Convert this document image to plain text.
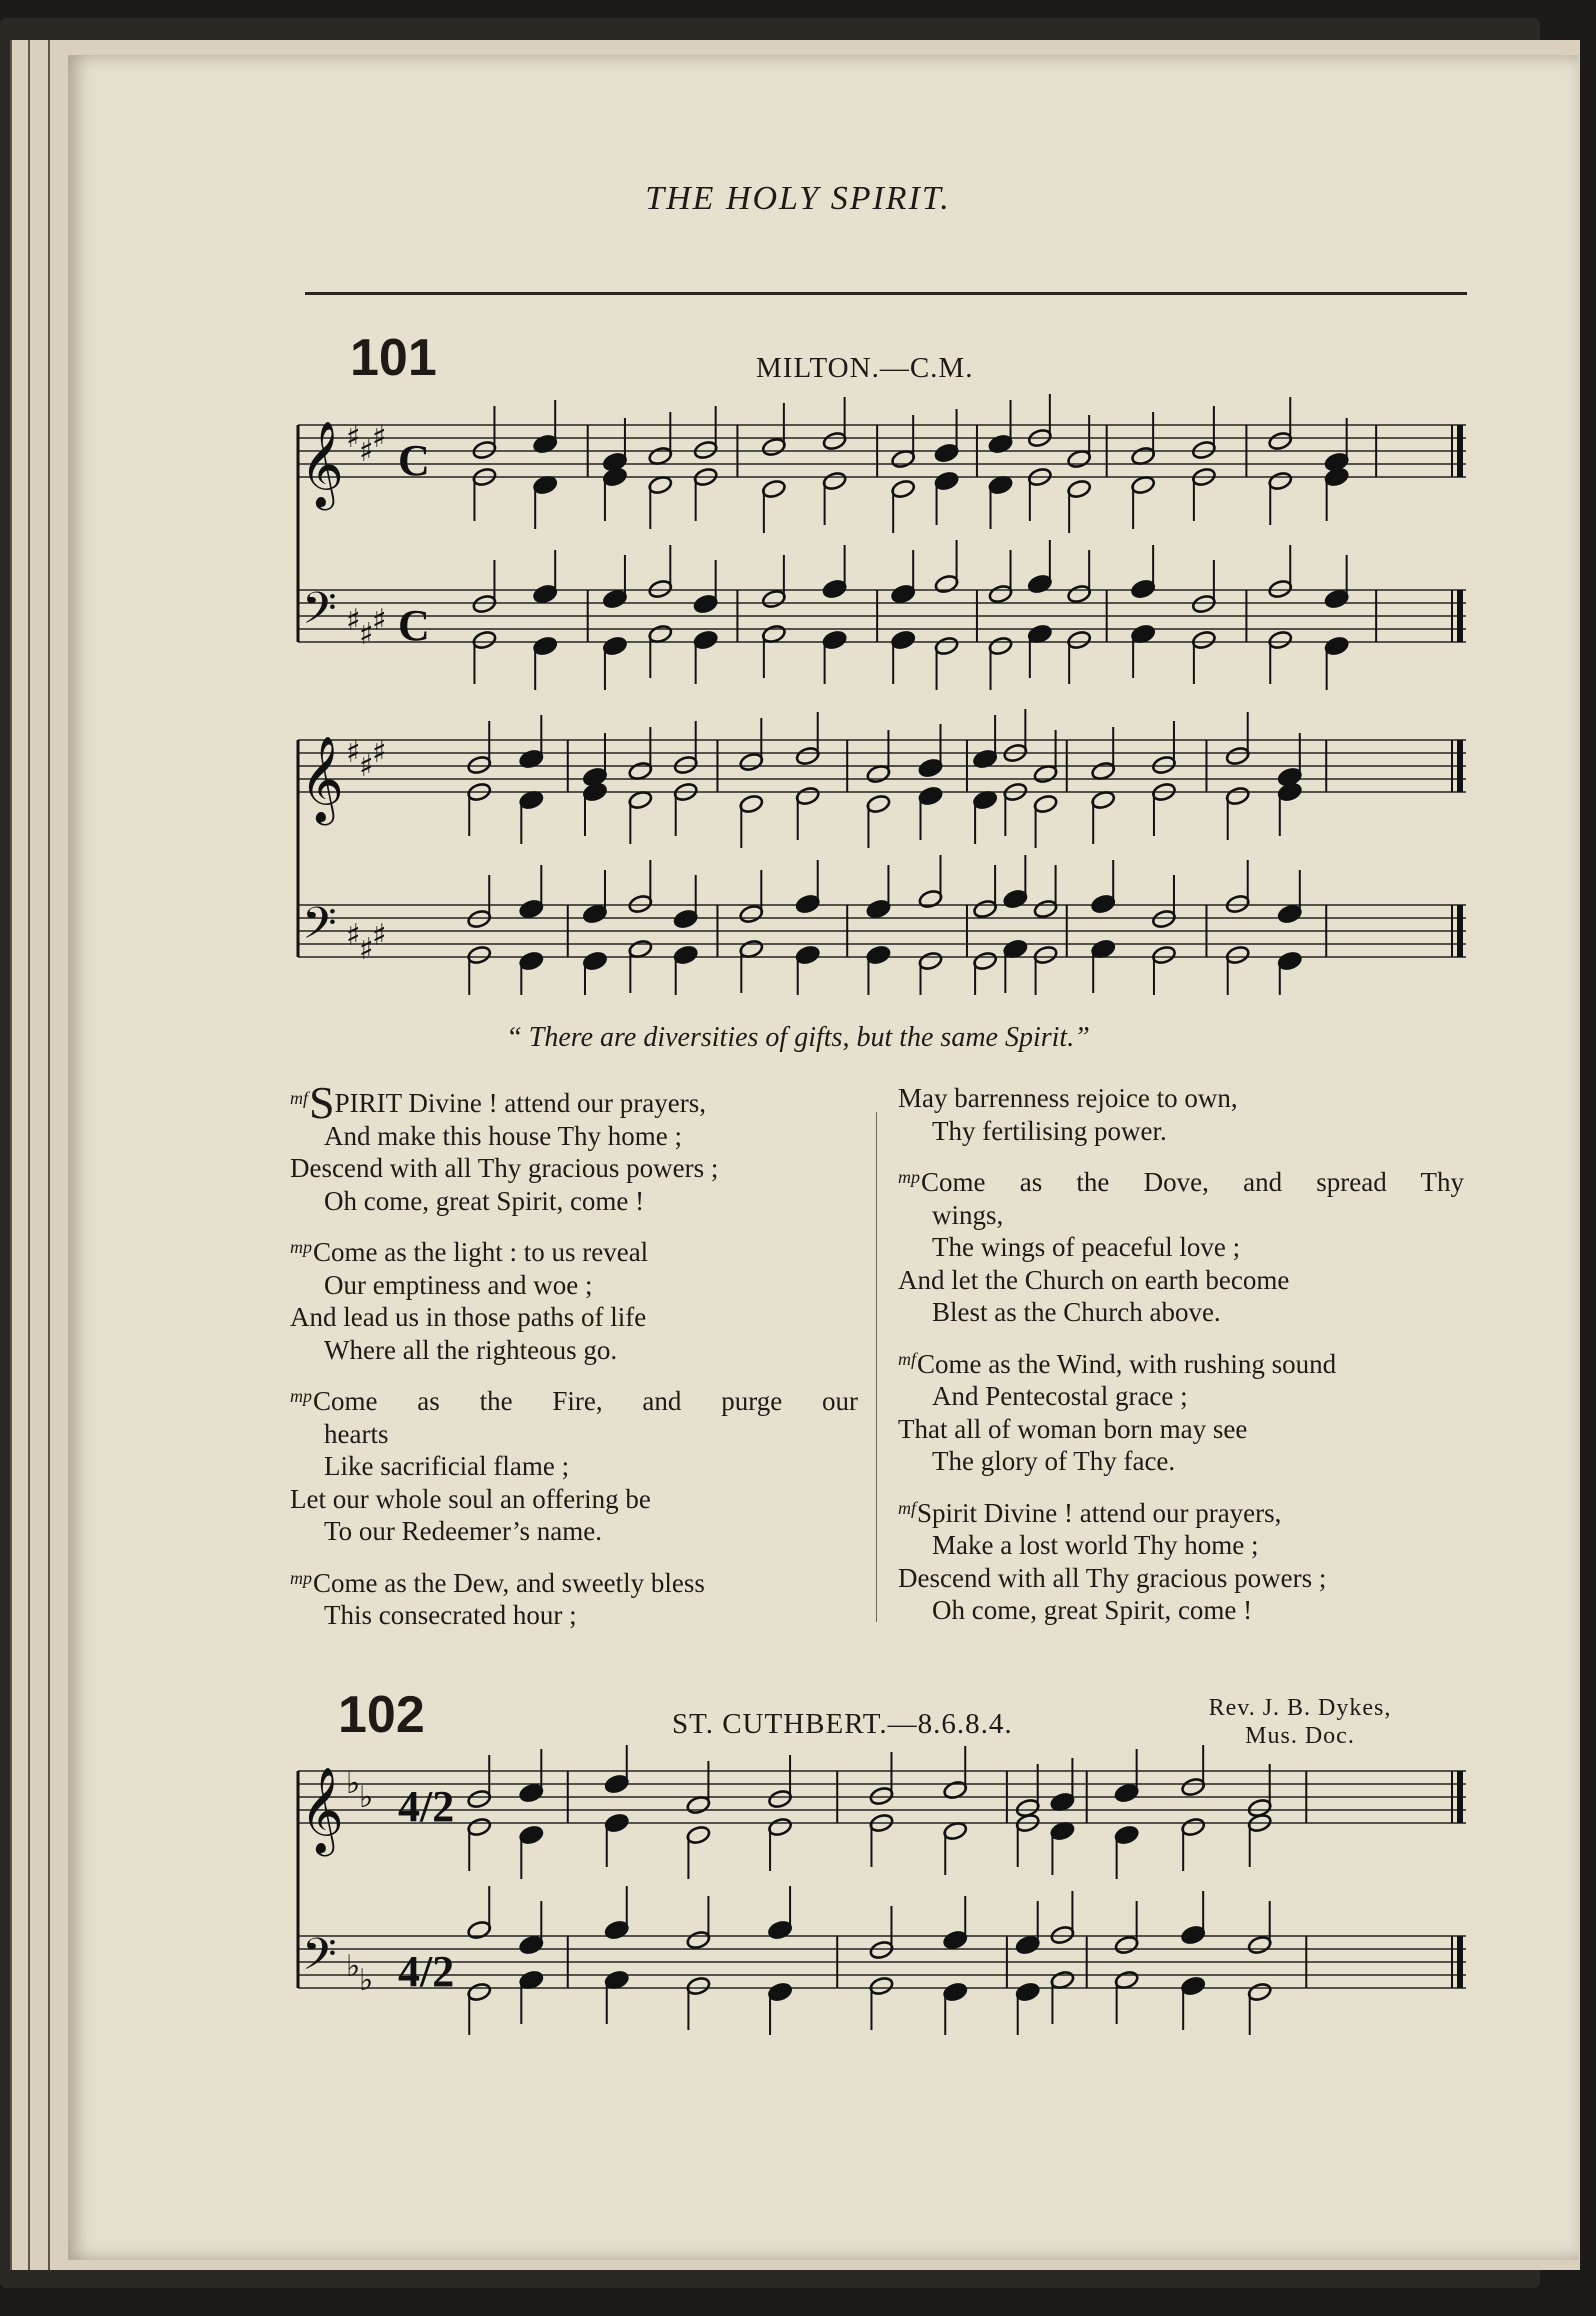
THE HOLY SPIRIT.
101	MILTON.—C.M.
𝄞
𝄢
♯
♯
♯
♯
♯
♯
C
C
𝄞
𝄢
♯
♯
♯
♯
♯
♯
“ There are diversities of gifts, but the same Spirit.”

$^{mf}$SPIRIT Divine ! attend our prayers,

And make this house Thy home ;

Descend with all Thy gracious powers ;

Oh come, great Spirit, come !

$^{mp}$Come as the light : to us reveal

Our emptiness and woe ;

And lead us in those paths of life

Where all the righteous go.

$^{mp}$Come as the Fire, and purge our

hearts

Like sacrificial flame ;

Let our whole soul an offering be

To our Redeemer’s name.

$^{mp}$Come as the Dew, and sweetly bless

This consecrated hour ;

May barrenness rejoice to own,

Thy fertilising power.

$^{mp}$Come as the Dove, and spread Thy

wings,

The wings of peaceful love ;

And let the Church on earth become

Blest as the Church above.

$^{mf}$Come as the Wind, with rushing sound

And Pentecostal grace ;

That all of woman born may see

The glory of Thy face.

$^{mf}$Spirit Divine ! attend our prayers,

Make a lost world Thy home ;

Descend with all Thy gracious powers ;

Oh come, great Spirit, come !

102	ST. CUTHBERT.—8.6.8.4.	Rev. J. B. Dykes,
Mus. Doc.
𝄞
𝄢
♭
♭
♭
♭
4/2
4/2
